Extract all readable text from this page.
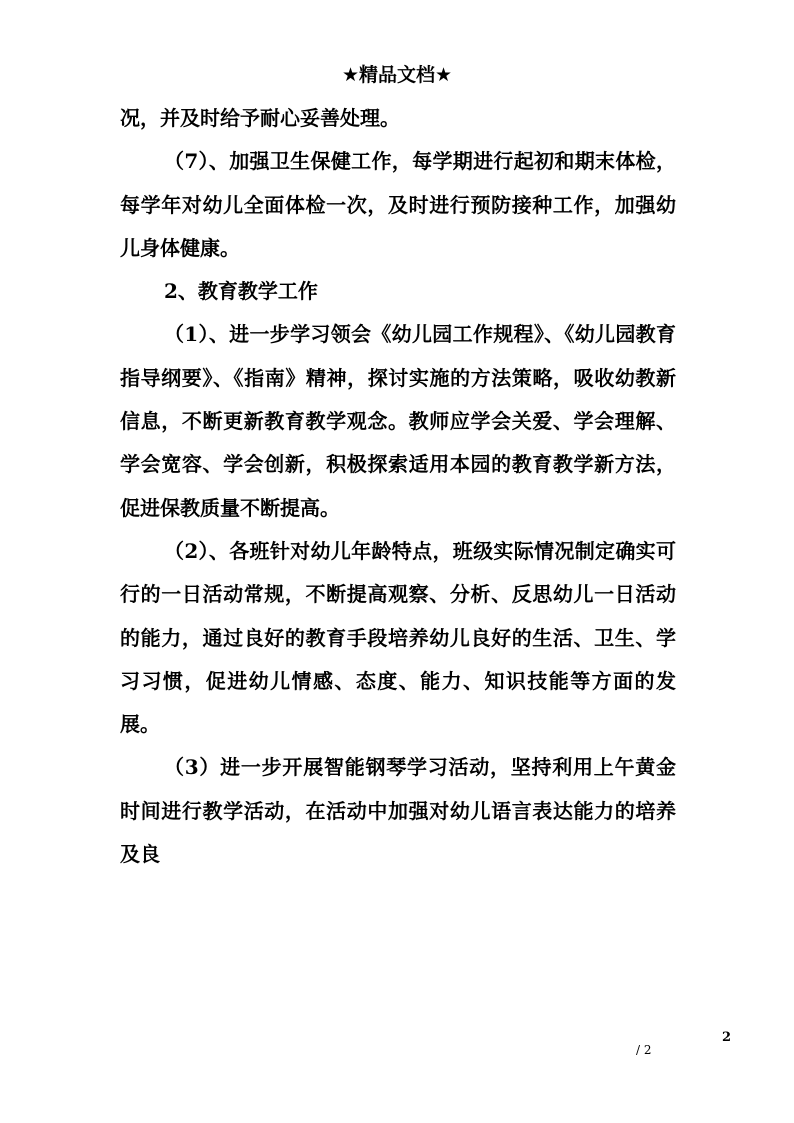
★精品文档★

况，并及时给予耐心妥善处理。

（7）、加强卫生保健工作，每学期进行起初和期末体检，每学年对幼儿全面体检一次，及时进行预防接种工作，加强幼儿身体健康。

2、教育教学工作

（1）、进一步学习领会《幼儿园工作规程》、《幼儿园教育指导纲要》、《指南》精神，探讨实施的方法策略，吸收幼教新信息，不断更新教育教学观念。教师应学会关爱、学会理解、学会宽容、学会创新，积极探索适用本园的教育教学新方法，促进保教质量不断提高。

（2）、各班针对幼儿年龄特点，班级实际情况制定确实可行的一日活动常规，不断提高观察、分析、反思幼儿一日活动的能力，通过良好的教育手段培养幼儿良好的生活、卫生、学习习惯，促进幼儿情感、态度、能力、知识技能等方面的发展。

（3）进一步开展智能钢琴学习活动，坚持利用上午黄金时间进行教学活动，在活动中加强对幼儿语言表达能力的培养及良

2
/ 2
